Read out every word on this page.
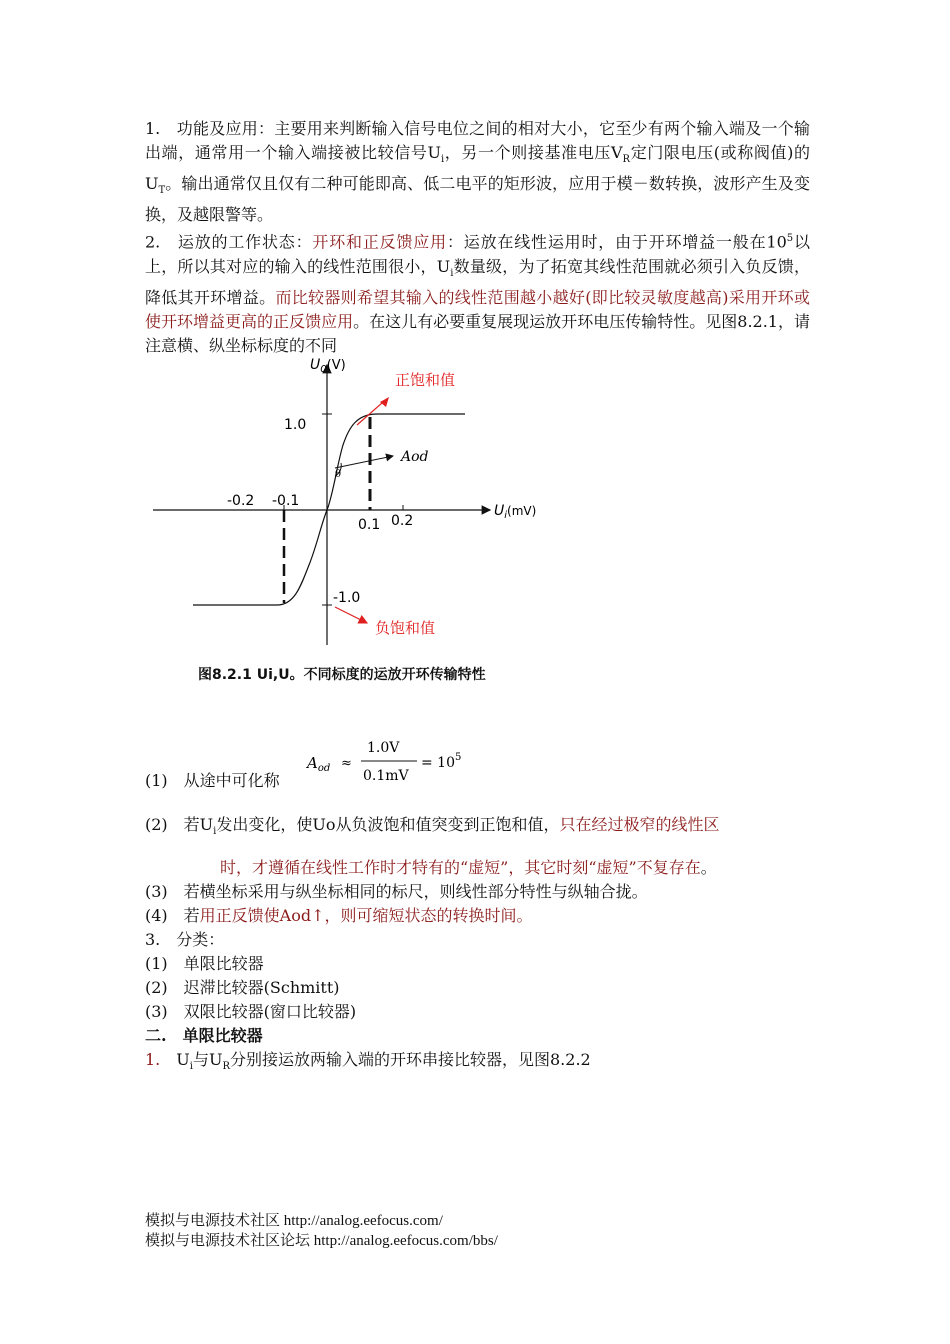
1.　功能及应用：主要用来判断输入信号电位之间的相对大小，它至少有两个输入端及一个输出端，通常用一个输入端接被比较信号$U_i$，另一个则接基准电压$V_R$定门限电压(或称阀值)的$U_T$。输出通常仅且仅有二种可能即高、低二电平的矩形波，应用于模－数转换，波形产生及变换，及越限警等。

2.　运放的工作状态：开环和正反馈应用：运放在线性运用时，由于开环增益一般在$10^5$以上，所以其对应的输入的线性范围很小，$U_i$数量级，为了拓宽其线性范围就必须引入负反馈，降低其开环增益。而比较器则希望其输入的线性范围越小越好(即比较灵敏度越高)采用开环或使开环增益更高的正反馈应用。在这儿有必要重复展现运放开环电压传输特性。见图8.2.1，请注意横、纵坐标标度的不同

$U_0(V)$
$U_i(mV)$
正饱和值
负饱和值
Aod
θ
1.0
-1.0
-0.2 -0.1
0.1 0.2
图8.2.1 Ui,U。不同标度的运放开环传输特性
(1)　从途中可化称
$A_{od}$ ≈
1.0V
0.1mV
= $10^5$

(2)　若$U_i$发出变化，使Uo从负波饱和值突变到正饱和值，只在经过极窄的线性区

时，才遵循在线性工作时才特有的“虚短”，其它时刻“虚短”不复存在。

(3)　若横坐标采用与纵坐标相同的标尺，则线性部分特性与纵轴合拢。

(4)　若用正反馈使Aod↑，则可缩短状态的转换时间。

3.　分类：

(1)　单限比较器

(2)　迟滞比较器(Schmitt)

(3)　双限比较器(窗口比较器)

二.　单限比较器

1.　$U_i$与$U_R$分别接运放两输入端的开环串接比较器，见图8.2.2

模拟与电源技术社区 http://analog.eefocus.com/
模拟与电源技术社区论坛 http://analog.eefocus.com/bbs/
